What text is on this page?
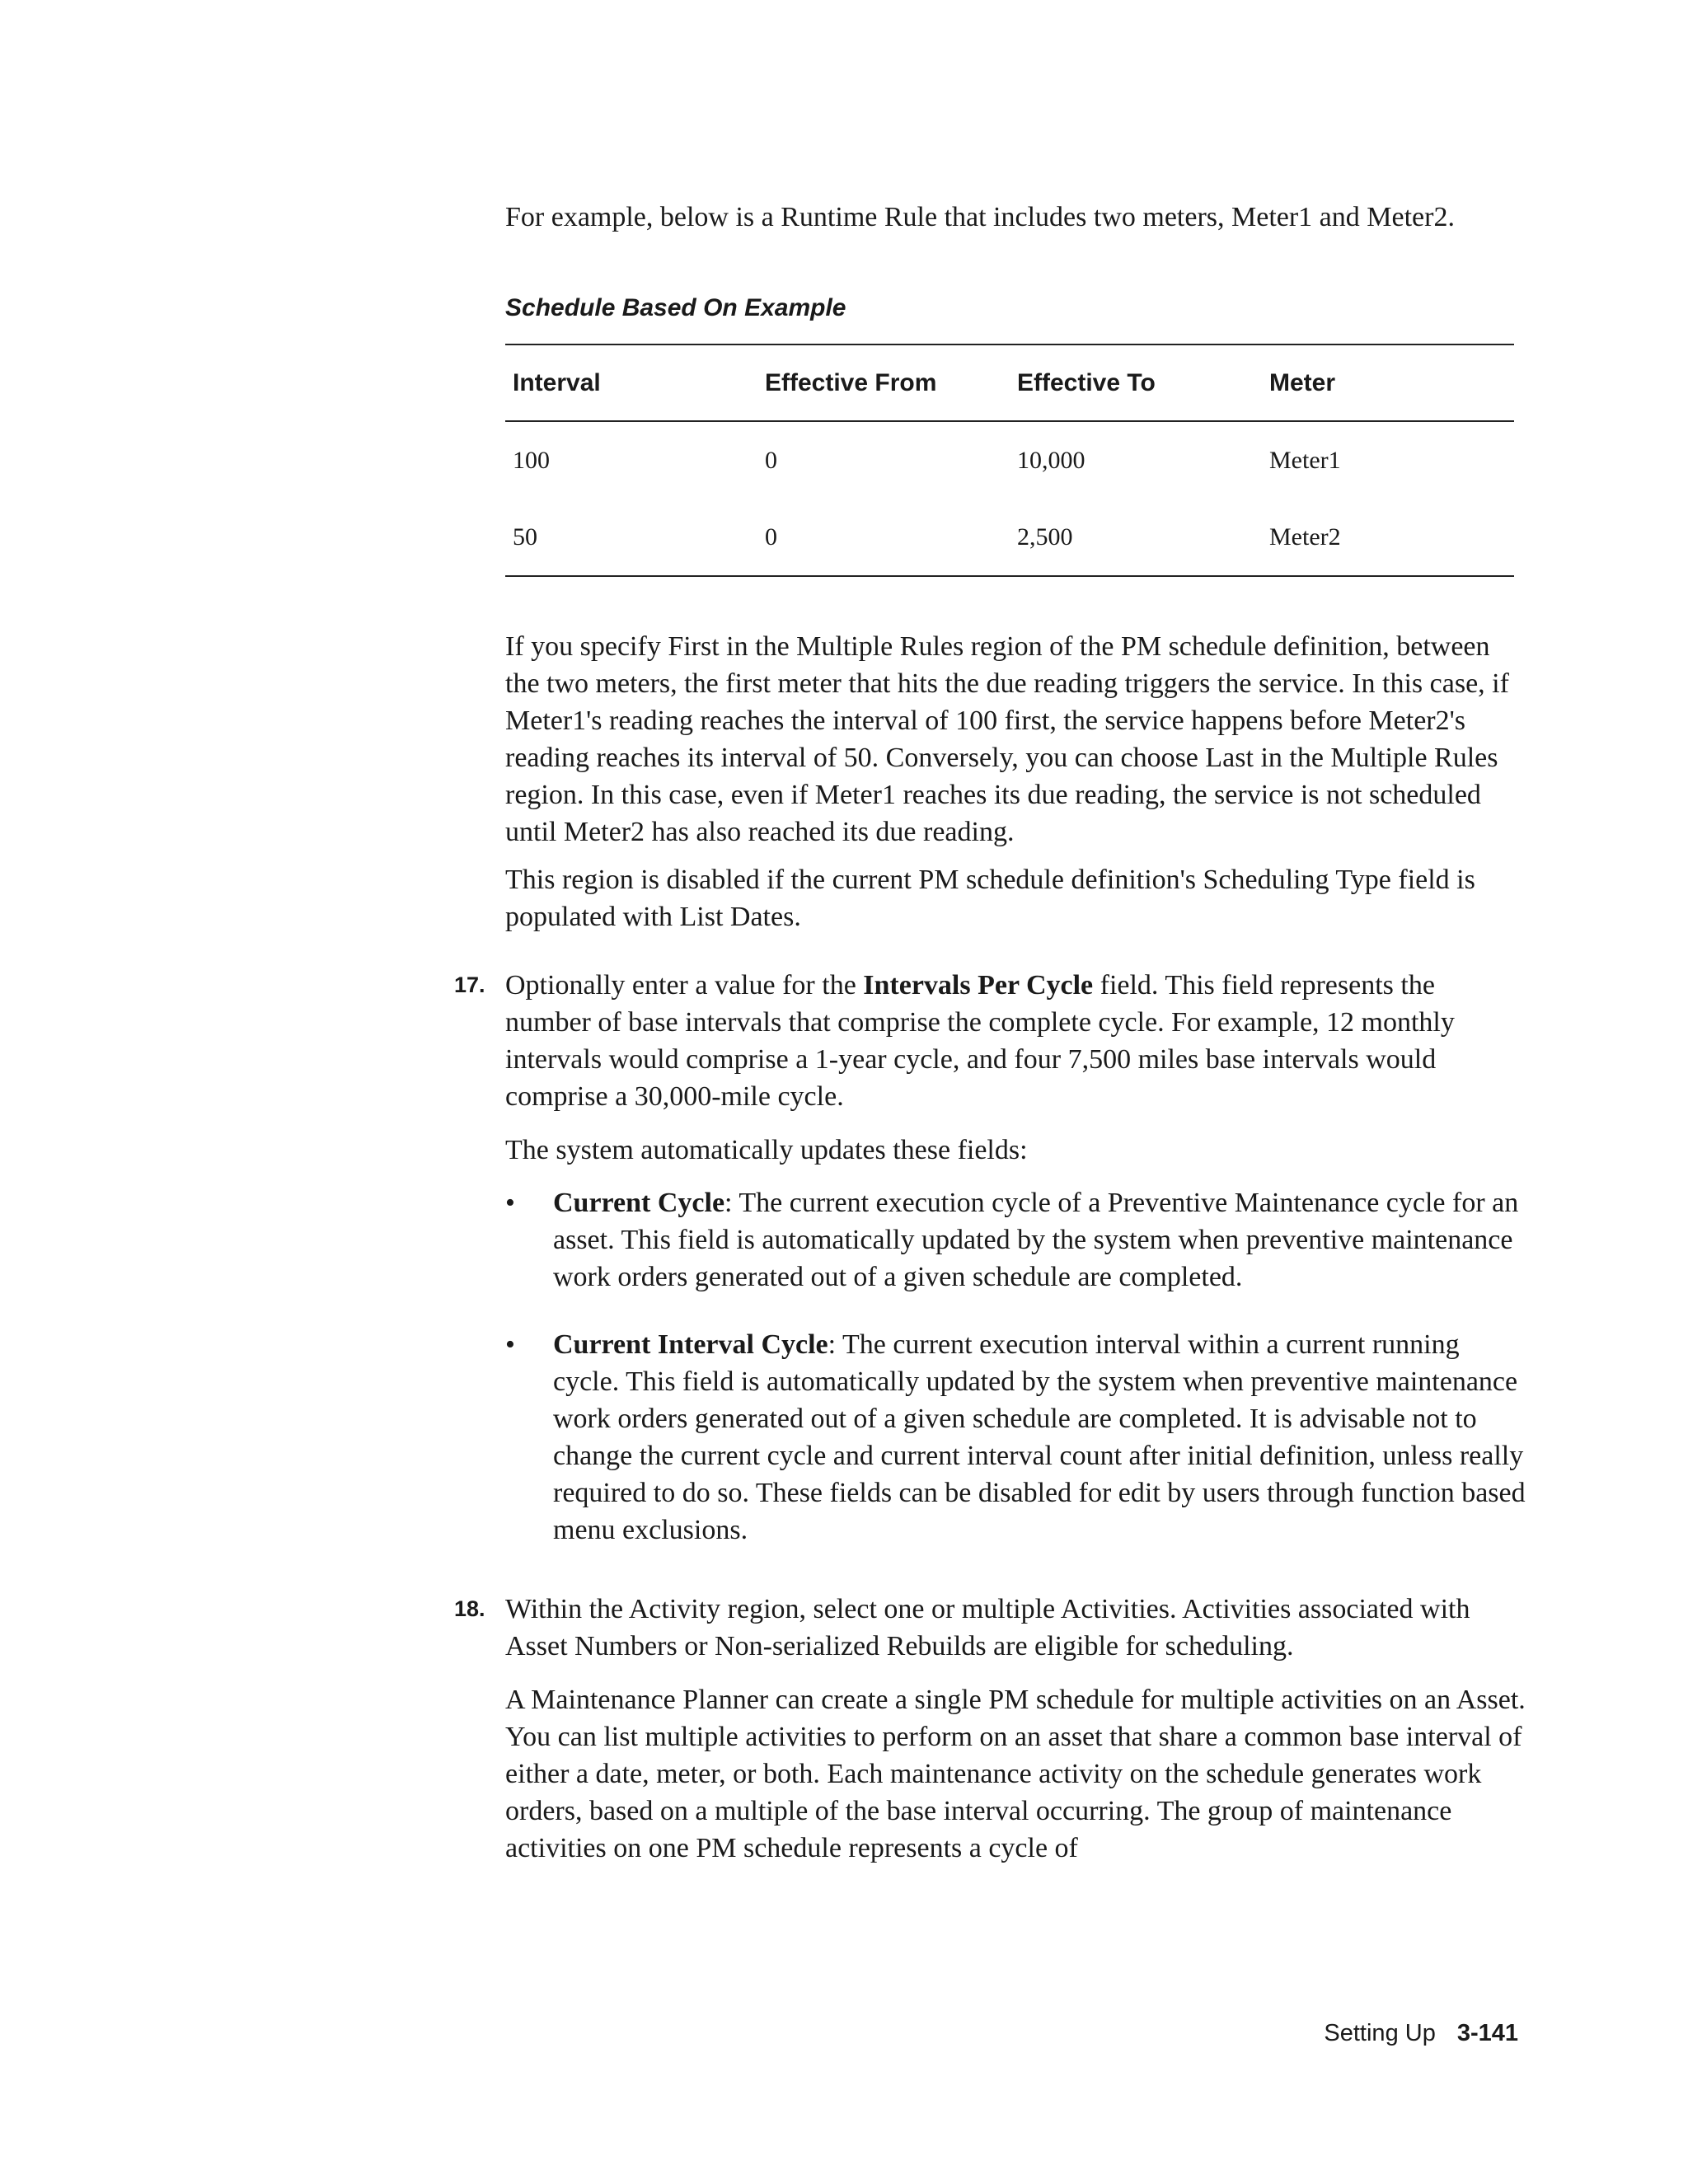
For example, below is a Runtime Rule that includes two meters, Meter1 and Meter2.

Schedule Based On Example

Interval	Effective From	Effective To	Meter
100	0	10,000	Meter1
50	0	2,500	Meter2

If you specify First in the Multiple Rules region of the PM schedule definition, between the two meters, the first meter that hits the due reading triggers the service. In this case, if Meter1's reading reaches the interval of 100 first, the service happens before Meter2's reading reaches its interval of 50. Conversely, you can choose Last in the Multiple Rules region. In this case, even if Meter1 reaches its due reading, the service is not scheduled until Meter2 has also reached its due reading.

This region is disabled if the current PM schedule definition's Scheduling Type field is populated with List Dates.

17. Optionally enter a value for the Intervals Per Cycle field. This field represents the number of base intervals that comprise the complete cycle. For example, 12 monthly intervals would comprise a 1-year cycle, and four 7,500 miles base intervals would comprise a 30,000-mile cycle.

The system automatically updates these fields:

• Current Cycle: The current execution cycle of a Preventive Maintenance cycle for an asset. This field is automatically updated by the system when preventive maintenance work orders generated out of a given schedule are completed.
• Current Interval Cycle: The current execution interval within a current running cycle. This field is automatically updated by the system when preventive maintenance work orders generated out of a given schedule are completed. It is advisable not to change the current cycle and current interval count after initial definition, unless really required to do so. These fields can be disabled for edit by users through function based menu exclusions.
18. Within the Activity region, select one or multiple Activities. Activities associated with Asset Numbers or Non-serialized Rebuilds are eligible for scheduling.

A Maintenance Planner can create a single PM schedule for multiple activities on an Asset. You can list multiple activities to perform on an asset that share a common base interval of either a date, meter, or both. Each maintenance activity on the schedule generates work orders, based on a multiple of the base interval occurring. The group of maintenance activities on one PM schedule represents a cycle of

Setting Up 3-141
